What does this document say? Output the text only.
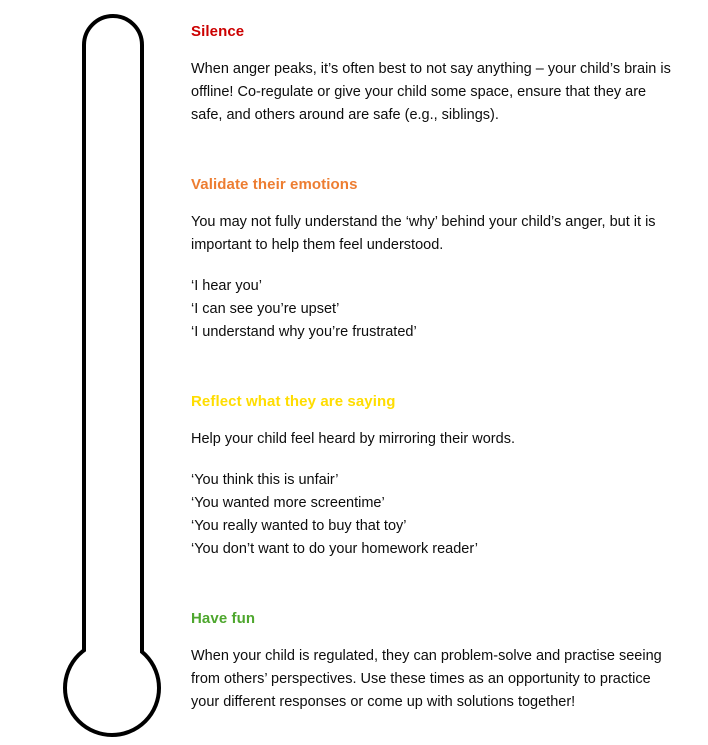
Silence
When anger peaks, it’s often best to not say anything – your child’s brain is offline! Co-regulate or give your child some space, ensure that they are safe, and others around are safe (e.g., siblings).
Validate their emotions
You may not fully understand the ‘why’ behind your child’s anger, but it is important to help them feel understood.
‘I hear you’
‘I can see you’re upset’
‘I understand why you’re frustrated’
Reflect what they are saying
Help your child feel heard by mirroring their words.
‘You think this is unfair’
‘You wanted more screentime’
‘You really wanted to buy that toy’
‘You don’t want to do your homework reader’
Have fun
When your child is regulated, they can problem-solve and practise seeing from others’ perspectives. Use these times as an opportunity to practice your different responses or come up with solutions together!
